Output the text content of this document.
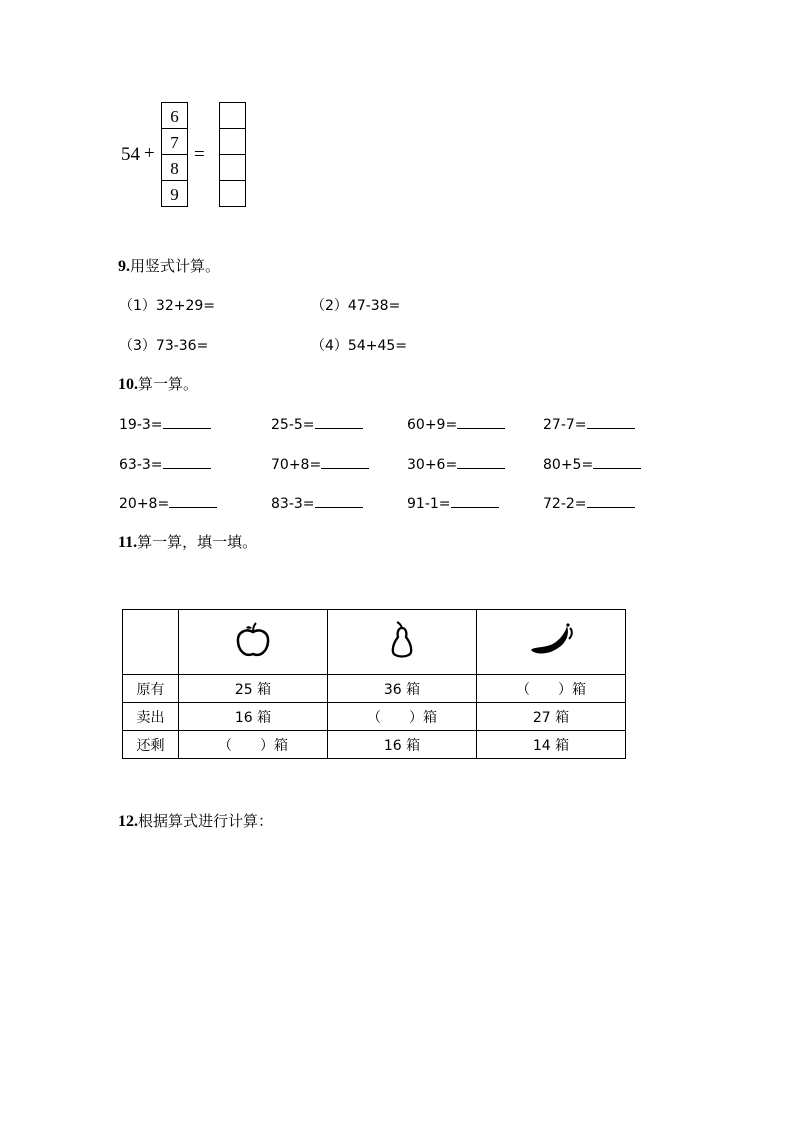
54 +
6
7
8
9
=
9.用竖式计算。
（1）32+29=	（2）47-38=
（3）73-36=	（4）54+45=
10.算一算。
19-3=	25-5=	60+9=	27-7=
63-3=	70+8=	30+6=	80+5=
20+8=	83-3=	91-1=	72-2=
11.算一算，填一填。

原有	25 箱	36 箱	（　　）箱
卖出	16 箱	（　　）箱	27 箱
还剩	（　　）箱	16 箱	14 箱
12.根据算式进行计算：
